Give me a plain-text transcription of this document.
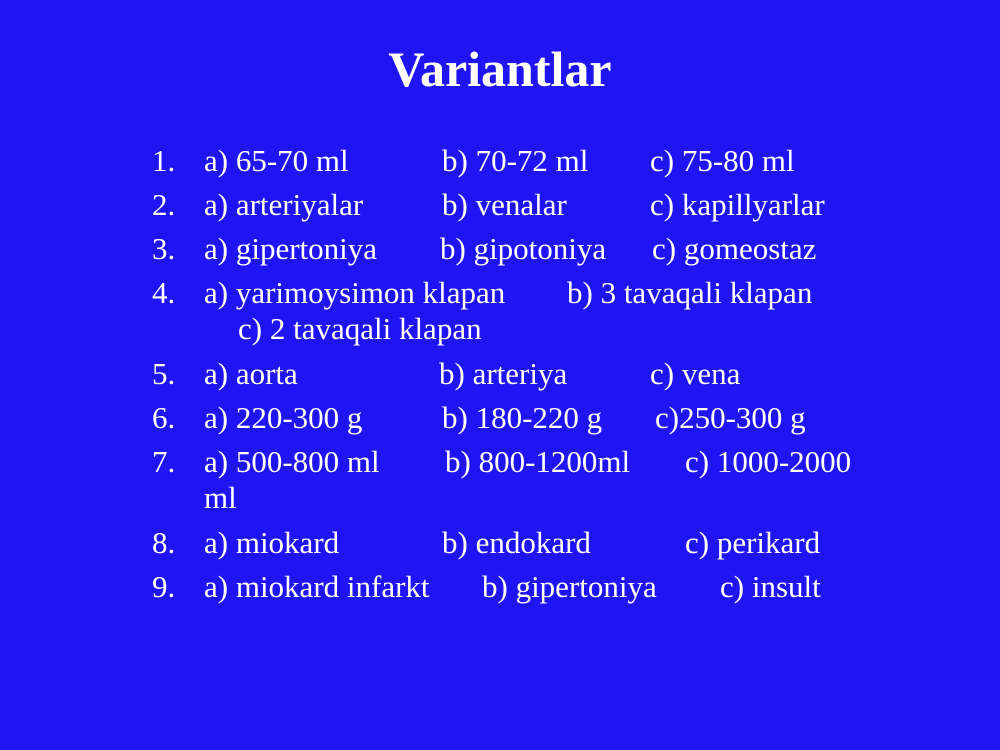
Variantlar
1. a) 65-70 ml	b) 70-72 ml c) 75-80 ml
2. a) arteriyalar	b) venalar	c) kapillyarlar
3. a) gipertoniya b) gipotoniya c) gomeostaz
4. a) yarimoysimon klapan b) 3 tavaqali klapan
c) 2 tavaqali klapan
5. a) aorta	b) arteriya	c) vena
6. a) 220-300 g	b) 180-220 g c)250-300 g
7. a) 500-800 ml b) 800-1200ml c) 1000-2000
ml
8. a) miokard	b) endokard	c) perikard
9. a) miokard infarkt b) gipertoniya c) insult
